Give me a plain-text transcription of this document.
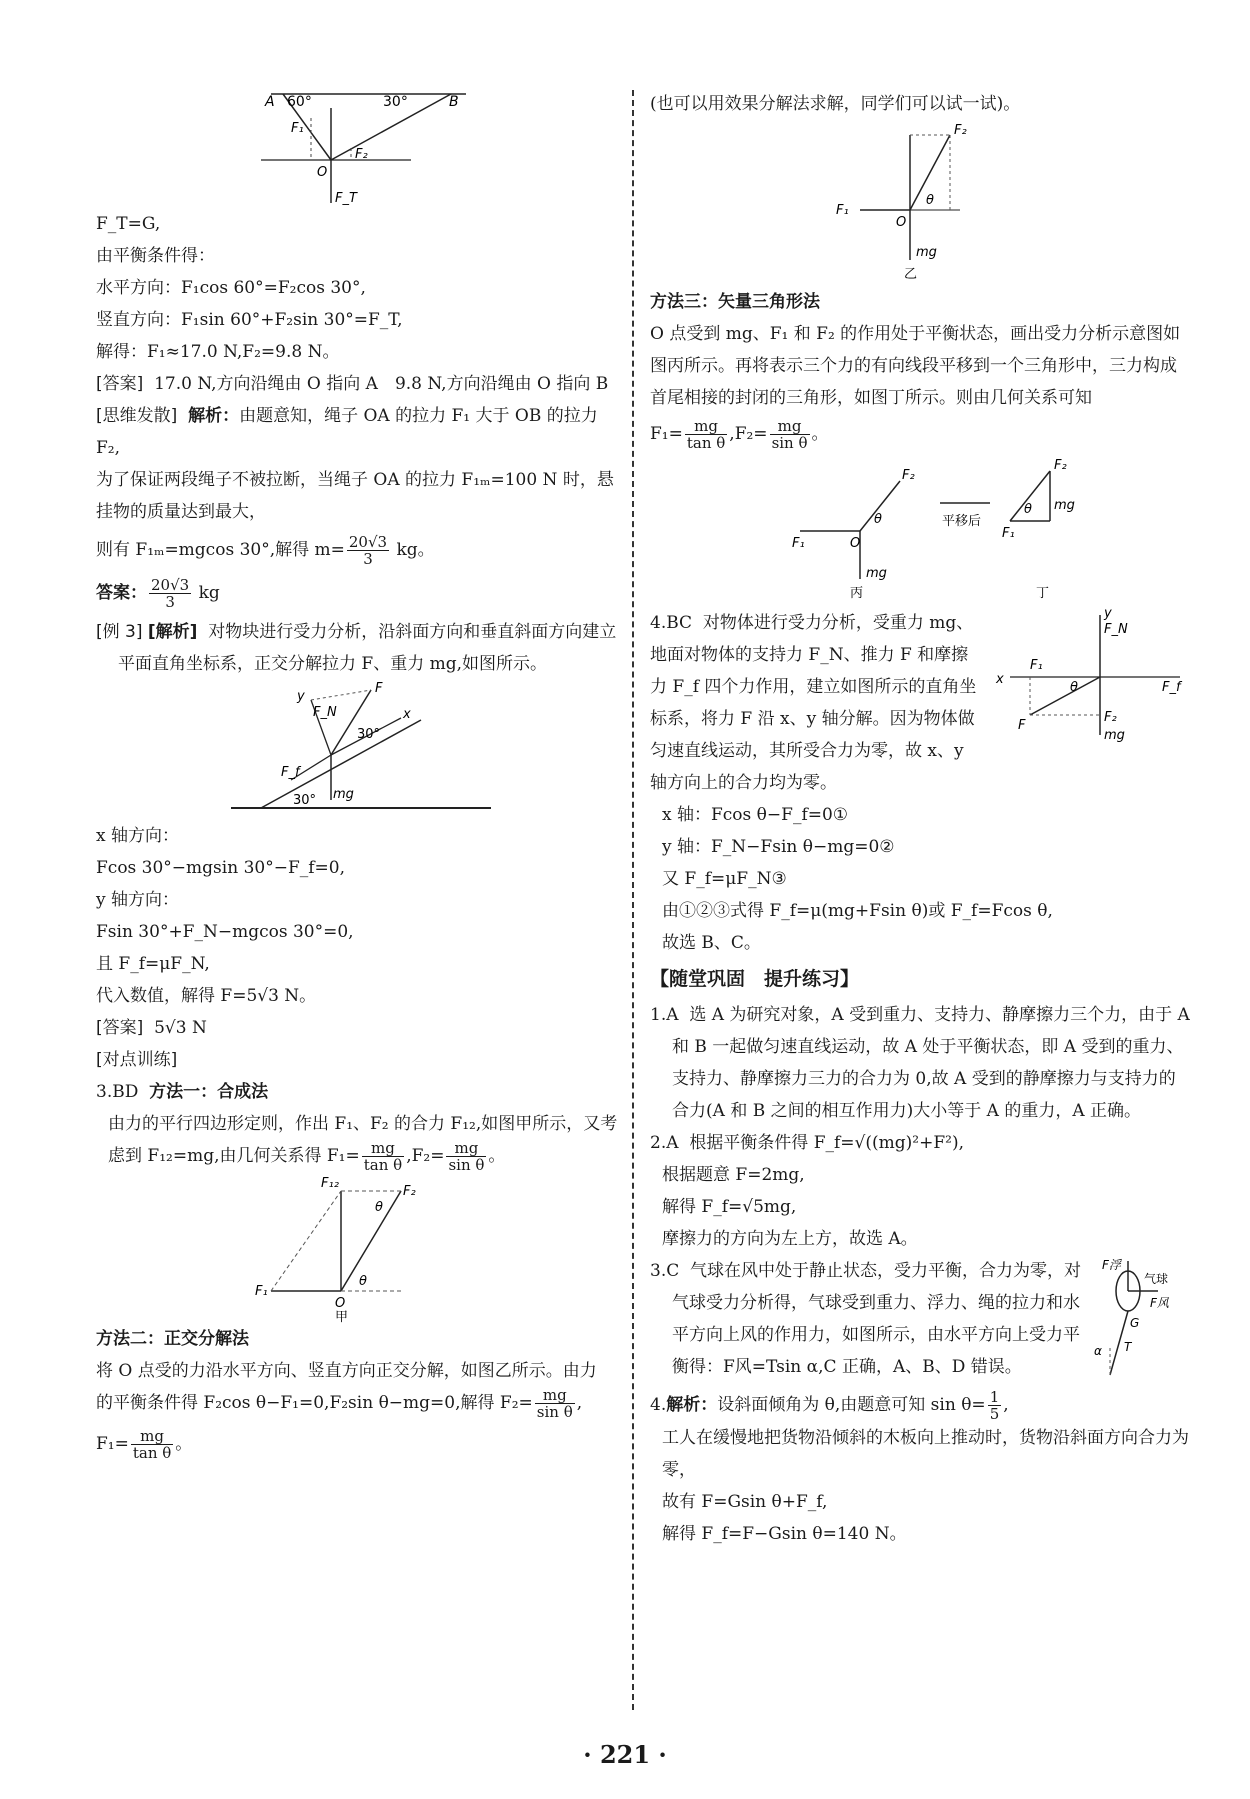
60°	30°
A	B
F₁
F₂
O
F_T

F_T=G,

由平衡条件得：

水平方向：F₁cos 60°=F₂cos 30°,

竖直方向：F₁sin 60°+F₂sin 30°=F_T,

解得：F₁≈17.0 N,F₂=9.8 N。

[答案] 17.0 N,方向沿绳由 O 指向 A　9.8 N,方向沿绳由 O 指向 B

[思维发散] 解析：由题意知，绳子 OA 的拉力 F₁ 大于 OB 的拉力 F₂,

为了保证两段绳子不被拉断，当绳子 OA 的拉力 F₁ₘ=100 N 时，悬挂物的质量达到最大，

则有 F₁ₘ=mgcos 30°,解得 $m= \frac{20√3}{3}$ kg。

答案： $\frac{20√3}{3}$ kg

[例 3] [解析] 对物块进行受力分析，沿斜面方向和垂直斜面方向建立平面直角坐标系，正交分解拉力 F、重力 mg,如图所示。

y
F_N
F
x
30°
F_f
mg
30°

x 轴方向：

Fcos 30°−mgsin 30°−F_f=0,

y 轴方向：

Fsin 30°+F_N−mgcos 30°=0,

且 F_f=μF_N,

代入数值，解得 F=5√3 N。

[答案] 5√3 N

[对点训练]

3.BD 方法一：合成法

由力的平行四边形定则，作出 F₁、F₂ 的合力 F₁₂,如图甲所示，又考

虑到 F₁₂=mg,由几何关系得 $F_1= \frac{mg}{\text{tan θ}} ,F_2= \frac{mg}{\text{sin θ}}$ 。

F₁₂
F₂
θ
θ
F₁
O
甲

方法二：正交分解法

将 O 点受的力沿水平方向、竖直方向正交分解，如图乙所示。由力

的平衡条件得 F₂cos θ−F₁=0,F₂sin θ−mg=0,解得 $F_2= \frac{mg}{\text{sin θ}}$ ,

$F_1= \frac{mg}{\text{tan θ}}$ 。

(也可以用效果分解法求解，同学们可以试一试)。

F₂
F₁
O
θ
mg
乙

方法三：矢量三角形法

O 点受到 mg、F₁ 和 F₂ 的作用处于平衡状态，画出受力分析示意图如图丙所示。再将表示三个力的有向线段平移到一个三角形中，三力构成首尾相接的封闭的三角形，如图丁所示。则由几何关系可知

$F_1= \frac{mg}{\text{tan θ}} ,F_2= \frac{mg}{\text{sin θ}}$ 。

F₂
θ
F₁	O
mg
平移后
F₂
θ mg
F₁
丙	丁

4.BC 对物体进行受力分析，受重力 mg、地面对物体的支持力 F_N、推力 F 和摩擦力 F_f 四个力作用，建立如图所示的直角坐标系，将力 F 沿 x、y 轴分解。因为物体做匀速直线运动，其所受合力为零，故 x、y 轴方向上的合力均为零。

y
F_N
F₁
x
θ	F_f
F
F₂
mg

x 轴：Fcos θ−F_f=0①

y 轴：F_N−Fsin θ−mg=0②

又 F_f=μF_N③

由①②③式得 F_f=μ(mg+Fsin θ)或 F_f=Fcos θ,

故选 B、C。

【随堂巩固　提升练习】

1.A 选 A 为研究对象，A 受到重力、支持力、静摩擦力三个力，由于 A 和 B 一起做匀速直线运动，故 A 处于平衡状态，即 A 受到的重力、支持力、静摩擦力三力的合力为 0,故 A 受到的静摩擦力与支持力的合力(A 和 B 之间的相互作用力)大小等于 A 的重力，A 正确。

2.A 根据平衡条件得 F_f=√((mg)²+F²),

根据题意 F=2mg,

解得 F_f=√5mg,

摩擦力的方向为左上方，故选 A。

3.C 气球在风中处于静止状态，受力平衡，合力为零，对气球受力分析得，气球受到重力、浮力、绳的拉力和水平方向上风的作用力，如图所示，由水平方向上受力平衡得：F风=Tsin α,C 正确，A、B、D 错误。

F浮
气球
F风
G
α T

4.解析：设斜面倾角为 θ,由题意可知 $\sin \theta= \frac{1}{5}$ ,

工人在缓慢地把货物沿倾斜的木板向上推动时，货物沿斜面方向合力为零，

故有 F=Gsin θ+F_f,

解得 F_f=F−Gsin θ=140 N。

· 221 ·
